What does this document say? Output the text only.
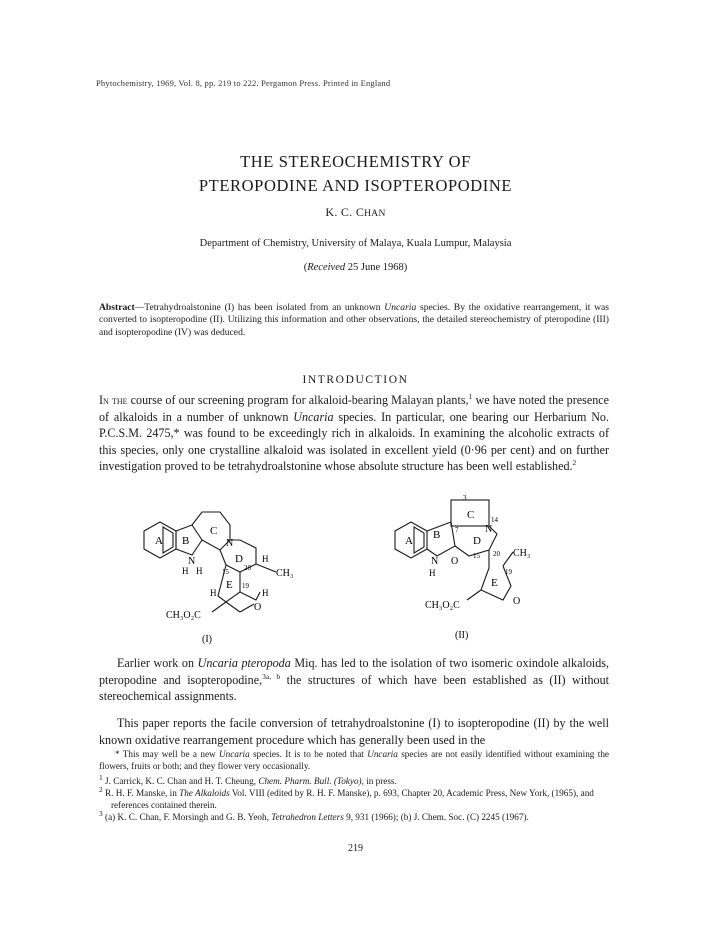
Phytochemistry, 1969, Vol. 8, pp. 219 to 222. Pergamon Press. Printed in England
THE STEREOCHEMISTRY OF
PTEROPODINE AND ISOPTEROPODINE
K. C. CHAN
Department of Chemistry, University of Malaya, Kuala Lumpur, Malaysia
(Received 25 June 1968)
Abstract—Tetrahydroalstonine (I) has been isolated from an unknown Uncaria species. By the oxidative rearrangement, it was converted to isopteropodine (II). Utilizing this information and other observations, the detailed stereochemistry of pteropodine (III) and isopteropodine (IV) was deduced.
INTRODUCTION
In the course of our screening program for alkaloid-bearing Malayan plants,$^1$ we have noted the presence of alkaloids in a number of unknown Uncaria species. In particular, one bearing our Herbarium No. P.C.S.M. 2475,* was found to be exceedingly rich in alkaloids. In examining the alcoholic extracts of this species, only one crystalline alkaloid was isolated in excellent yield (0·96 per cent) and on further investigation proved to be tetrahydroalstonine whose absolute structure has been well established.$^2$
A B
C
D
E
N
N
H H
H
H	H
15 20
19
CH₃
O
CH₃O₂C
(I)
A B
C
D
E
N
N
H
O
O
3
7
14
15 20
19
CH₃
CH₃O₂C
(II)
Earlier work on Uncaria pteropoda Miq. has led to the isolation of two isomeric oxindole alkaloids, pteropodine and isopteropodine,$^{3a, b}$ the structures of which have been established as (II) without stereochemical assignments.
This paper reports the facile conversion of tetrahydroalstonine (I) to isopteropodine (II) by the well known oxidative rearrangement procedure which has generally been used in the
* This may well be a new Uncaria species. It is to be noted that Uncaria species are not easily identified without examining the flowers, fruits or both; and they flower very occasionally.
$^1$ J. Carrick, K. C. Chan and H. T. Cheung, Chem. Pharm. Bull. (Tokyo), in press.
$^2$ R. H. F. Manske, in The Alkaloids Vol. VIII (edited by R. H. F. Manske), p. 693, Chapter 20, Academic Press, New York, (1965), and references contained therein.
$^3$ (a) K. C. Chan, F. Morsingh and G. B. Yeoh, Tetrahedron Letters 9, 931 (1966); (b) J. Chem. Soc. (C) 2245 (1967).
219
